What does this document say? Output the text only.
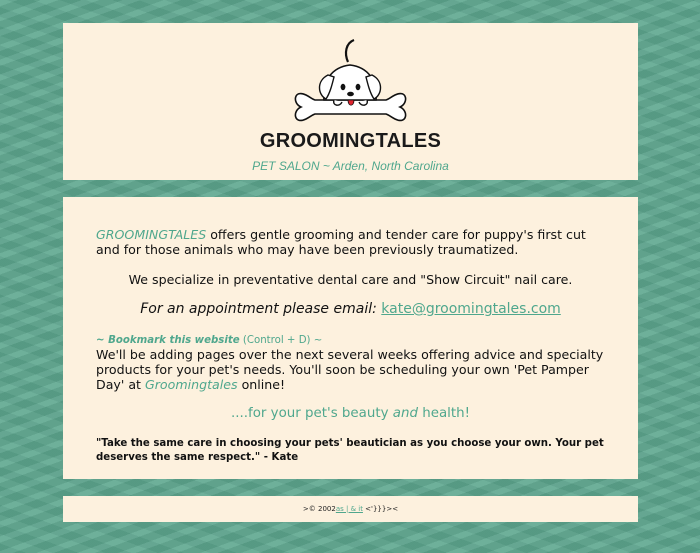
GROOMINGTALES
PET SALON ~ Arden, North Carolina

GROOMINGTALES offers gentle grooming and tender care for puppy's first cut and for those animals who may have been previously traumatized.

We specialize in preventative dental care and "Show Circuit" nail care.

For an appointment please email: kate@groomingtales.com

~ Bookmark this website (Control + D) ~

We'll be adding pages over the next several weeks offering advice and specialty products for your pet's needs. You'll soon be scheduling your own 'Pet Pamper Day' at Groomingtales online!

....for your pet's beauty and health!

"Take the same care in choosing your pets' beautician as you choose your own. Your pet deserves the same respect." - Kate

>© 2002as | & it <'}}}><
